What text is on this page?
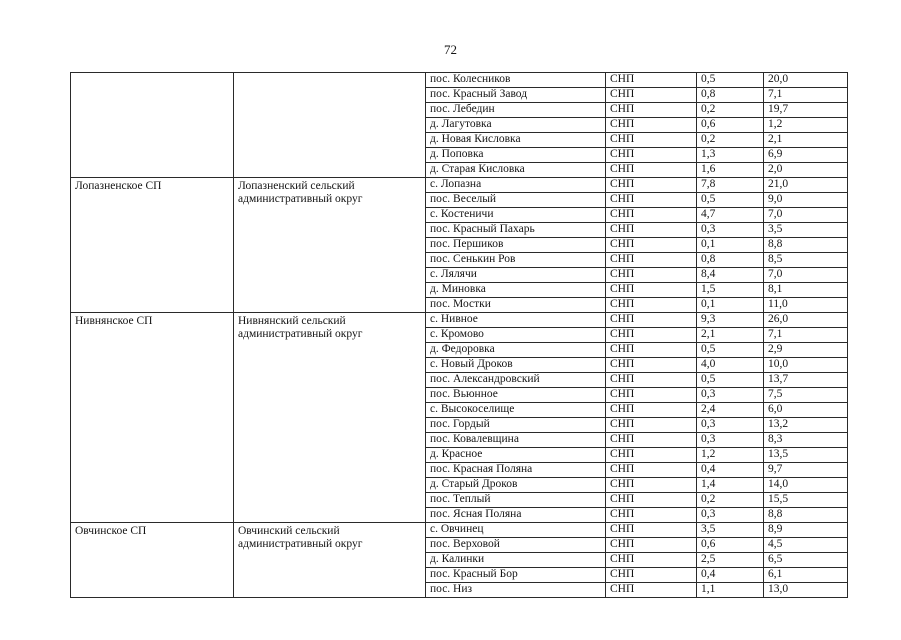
72
		пос. Колесников	СНП	0,5	20,0
		пос. Красный Завод	СНП	0,8	7,1
		пос. Лебедин	СНП	0,2	19,7
		д. Лагутовка	СНП	0,6	1,2
		д. Новая Кисловка	СНП	0,2	2,1
		д. Поповка	СНП	1,3	6,9
		д. Старая Кисловка	СНП	1,6	2,0
Лопазненское СП	Лопазненский сельский административный округ	с. Лопазна	СНП	7,8	21,0
		пос. Веселый	СНП	0,5	9,0
		с. Костеничи	СНП	4,7	7,0
		пос. Красный Пахарь	СНП	0,3	3,5
		пос. Першиков	СНП	0,1	8,8
		пос. Сенькин Ров	СНП	0,8	8,5
		с. Лялячи	СНП	8,4	7,0
		д. Миновка	СНП	1,5	8,1
		пос. Мостки	СНП	0,1	11,0
Нивнянское СП	Нивнянский сельский административный округ	с. Нивное	СНП	9,3	26,0
		с. Кромово	СНП	2,1	7,1
		д. Федоровка	СНП	0,5	2,9
		с. Новый Дроков	СНП	4,0	10,0
		пос. Александровский	СНП	0,5	13,7
		пос. Вьюнное	СНП	0,3	7,5
		с. Высокоселище	СНП	2,4	6,0
		пос. Гордый	СНП	0,3	13,2
		пос. Ковалевщина	СНП	0,3	8,3
		д. Красное	СНП	1,2	13,5
		пос. Красная Поляна	СНП	0,4	9,7
		д. Старый Дроков	СНП	1,4	14,0
		пос. Теплый	СНП	0,2	15,5
		пос. Ясная Поляна	СНП	0,3	8,8
Овчинское СП	Овчинский сельский административный округ	с. Овчинец	СНП	3,5	8,9
		пос. Верховой	СНП	0,6	4,5
		д. Калинки	СНП	2,5	6,5
		пос. Красный Бор	СНП	0,4	6,1
		пос. Низ	СНП	1,1	13,0
